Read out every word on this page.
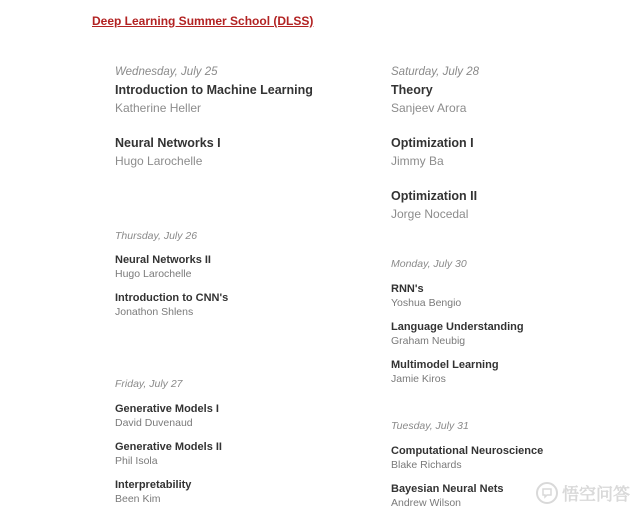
Deep Learning Summer School (DLSS)
Wednesday, July 25
Introduction to Machine Learning
Katherine Heller
Neural Networks I
Hugo Larochelle
Thursday, July 26
Neural Networks II
Hugo Larochelle
Introduction to CNN's
Jonathon Shlens
Friday, July 27
Generative Models I
David Duvenaud
Generative Models II
Phil Isola
Interpretability
Been Kim
Saturday, July 28
Theory
Sanjeev Arora
Optimization I
Jimmy Ba
Optimization II
Jorge Nocedal
Monday, July 30
RNN's
Yoshua Bengio
Language Understanding
Graham Neubig
Multimodel Learning
Jamie Kiros
Tuesday, July 31
Computational Neuroscience
Blake Richards
Bayesian Neural Nets
Andrew Wilson	悟空问答
